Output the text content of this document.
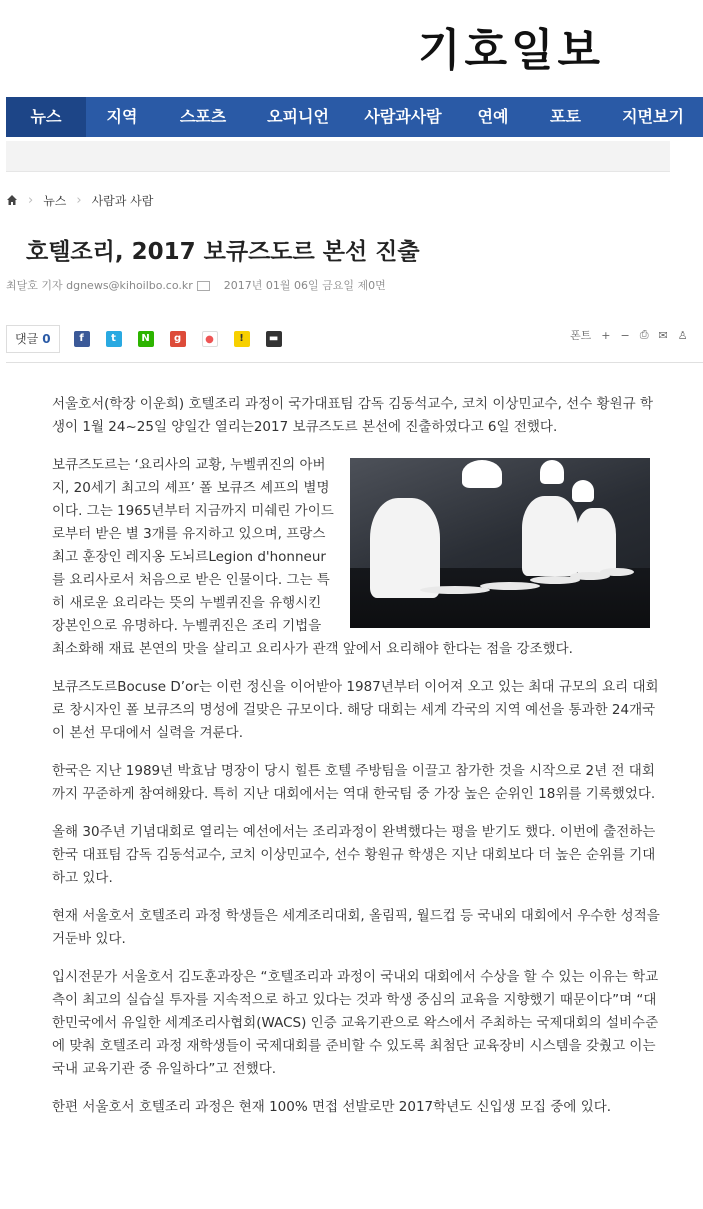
기호일보
뉴스	지역	스포츠	오피니언	사람과사람	연예	포토	지면보기
› 뉴스 › 사람과 사람
호텔조리, 2017 보큐즈도르 본선 진출
최달호 기자 dgnews@kihoilbo.co.kr	2017년 01월 06일 금요일 제0면
댓글 0	f	t	N	g	●	!	▬	폰트 + − ⎙ ✉ ♙

서울호서(학장 이운희) 호텔조리 과정이 국가대표팀 감독 김동석교수, 코치 이상민교수, 선수 황원규 학생이 1월 24~25일 양일간 열리는2017 보큐즈도르 본선에 진출하였다고 6일 전했다.

보큐즈도르는 ‘요리사의 교황, 누벨퀴진의 아버지, 20세기 최고의 셰프’ 폴 보큐즈 셰프의 별명이다. 그는 1965년부터 지금까지 미쉐린 가이드로부터 받은 별 3개를 유지하고 있으며, 프랑스 최고 훈장인 레지옹 도뇌르Legion d'honneur를 요리사로서 처음으로 받은 인물이다. 그는 특히 새로운 요리라는 뜻의 누벨퀴진을 유행시킨 장본인으로 유명하다. 누벨퀴진은 조리 기법을 최소화해 재료 본연의 맛을 살리고 요리사가 관객 앞에서 요리해야 한다는 점을 강조했다.

보큐즈도르Bocuse D’or는 이런 정신을 이어받아 1987년부터 이어져 오고 있는 최대 규모의 요리 대회로 창시자인 폴 보큐즈의 명성에 걸맞은 규모이다. 해당 대회는 세계 각국의 지역 예선을 통과한 24개국이 본선 무대에서 실력을 겨룬다.

한국은 지난 1989년 박효남 명장이 당시 힐튼 호텔 주방팀을 이끌고 참가한 것을 시작으로 2년 전 대회까지 꾸준하게 참여해왔다. 특히 지난 대회에서는 역대 한국팀 중 가장 높은 순위인 18위를 기록했었다.

올해 30주년 기념대회로 열리는 예선에서는 조리과정이 완벽했다는 평을 받기도 했다. 이번에 출전하는 한국 대표팀 감독 김동석교수, 코치 이상민교수, 선수 황원규 학생은 지난 대회보다 더 높은 순위를 기대하고 있다.

현재 서울호서 호텔조리 과정 학생들은 세계조리대회, 올림픽, 월드컵 등 국내외 대회에서 우수한 성적을 거둔바 있다.

입시전문가 서울호서 김도훈과장은 “호텔조리과 과정이 국내외 대회에서 수상을 할 수 있는 이유는 학교측이 최고의 실습실 투자를 지속적으로 하고 있다는 것과 학생 중심의 교육을 지향했기 때문이다”며 “대한민국에서 유일한 세계조리사협회(WACS) 인증 교육기관으로 왁스에서 주최하는 국제대회의 설비수준에 맞춰 호텔조리 과정 재학생들이 국제대회를 준비할 수 있도록 최첨단 교육장비 시스템을 갖췄고 이는 국내 교육기관 중 유일하다”고 전했다.

한편 서울호서 호텔조리 과정은 현재 100% 면접 선발로만 2017학년도 신입생 모집 중에 있다.
